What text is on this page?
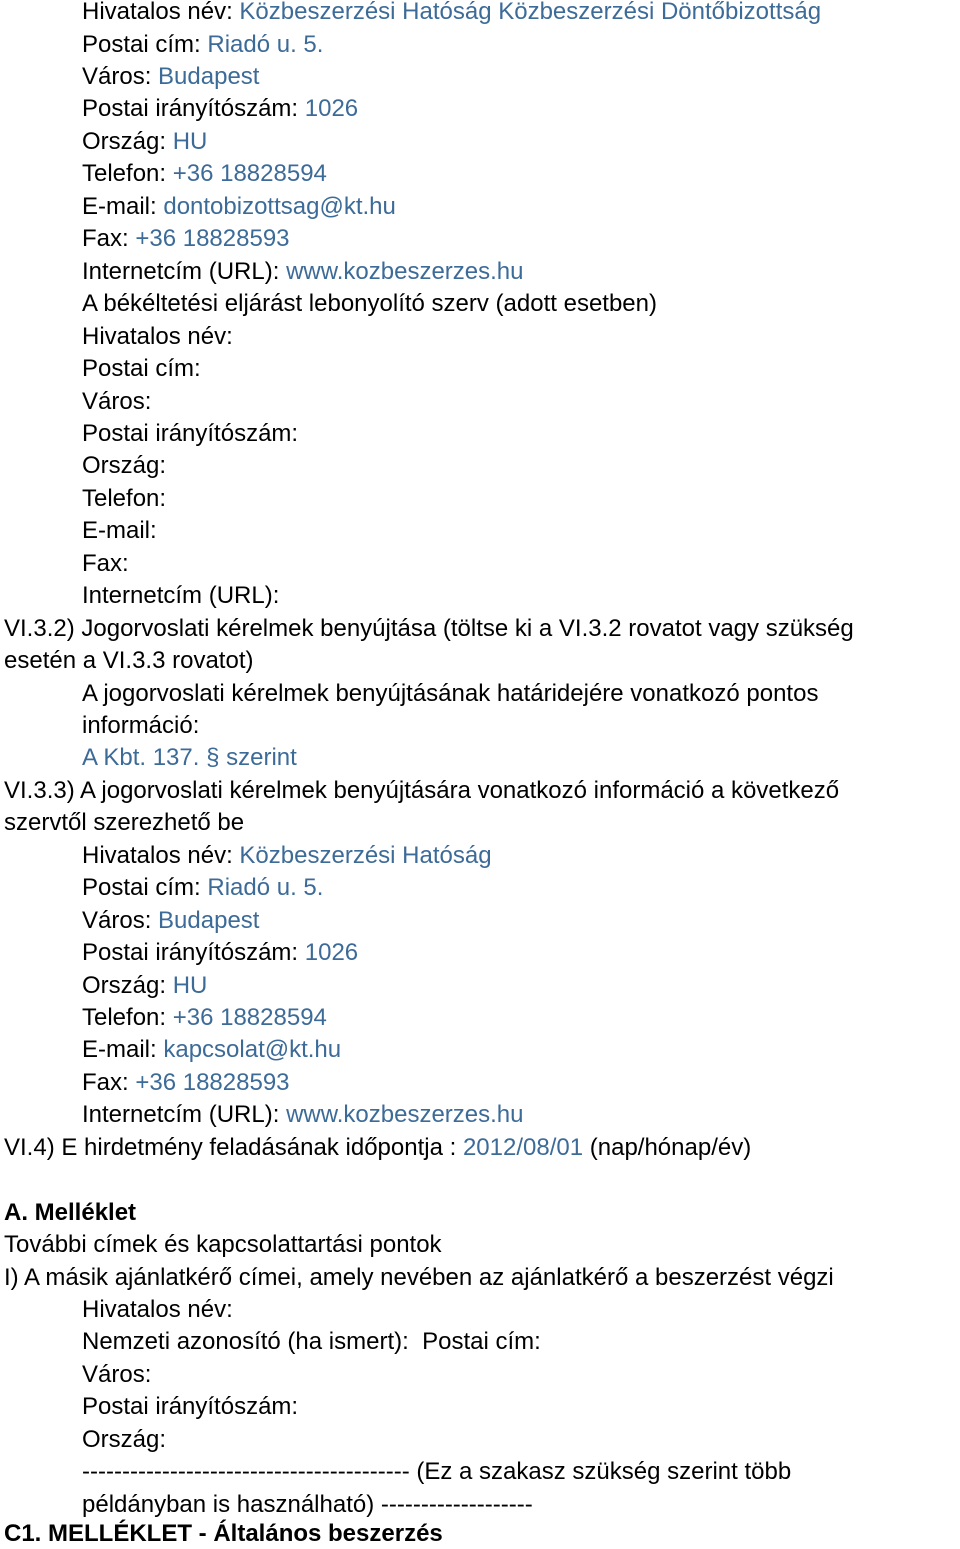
Hivatalos név: Közbeszerzési Hatóság Közbeszerzési Döntőbizottság
Postai cím: Riadó u. 5.
Város: Budapest
Postai irányítószám: 1026
Ország: HU
Telefon: +36 18828594
E-mail: dontobizottsag@kt.hu
Fax: +36 18828593
Internetcím (URL): www.kozbeszerzes.hu
A békéltetési eljárást lebonyolító szerv (adott esetben)
Hivatalos név:
Postai cím:
Város:
Postai irányítószám:
Ország:
Telefon:
E-mail:
Fax:
Internetcím (URL):
VI.3.2) Jogorvoslati kérelmek benyújtása (töltse ki a VI.3.2 rovatot vagy szükség
esetén a VI.3.3 rovatot)
A jogorvoslati kérelmek benyújtásának határidejére vonatkozó pontos
információ:
A Kbt. 137. § szerint
VI.3.3) A jogorvoslati kérelmek benyújtására vonatkozó információ a következő
szervtől szerezhető be
Hivatalos név: Közbeszerzési Hatóság
Postai cím: Riadó u. 5.
Város: Budapest
Postai irányítószám: 1026
Ország: HU
Telefon: +36 18828594
E-mail: kapcsolat@kt.hu
Fax: +36 18828593
Internetcím (URL): www.kozbeszerzes.hu
VI.4) E hirdetmény feladásának időpontja : 2012/08/01 (nap/hónap/év)
A. Melléklet
További címek és kapcsolattartási pontok
I) A másik ajánlatkérő címei, amely nevében az ajánlatkérő a beszerzést végzi
Hivatalos név:
Nemzeti azonosító (ha ismert): Postai cím:
Város:
Postai irányítószám:
Ország:
----------------------------------------- (Ez a szakasz szükség szerint több
példányban is használható) -------------------
C1. MELLÉKLET - Általános beszerzés
